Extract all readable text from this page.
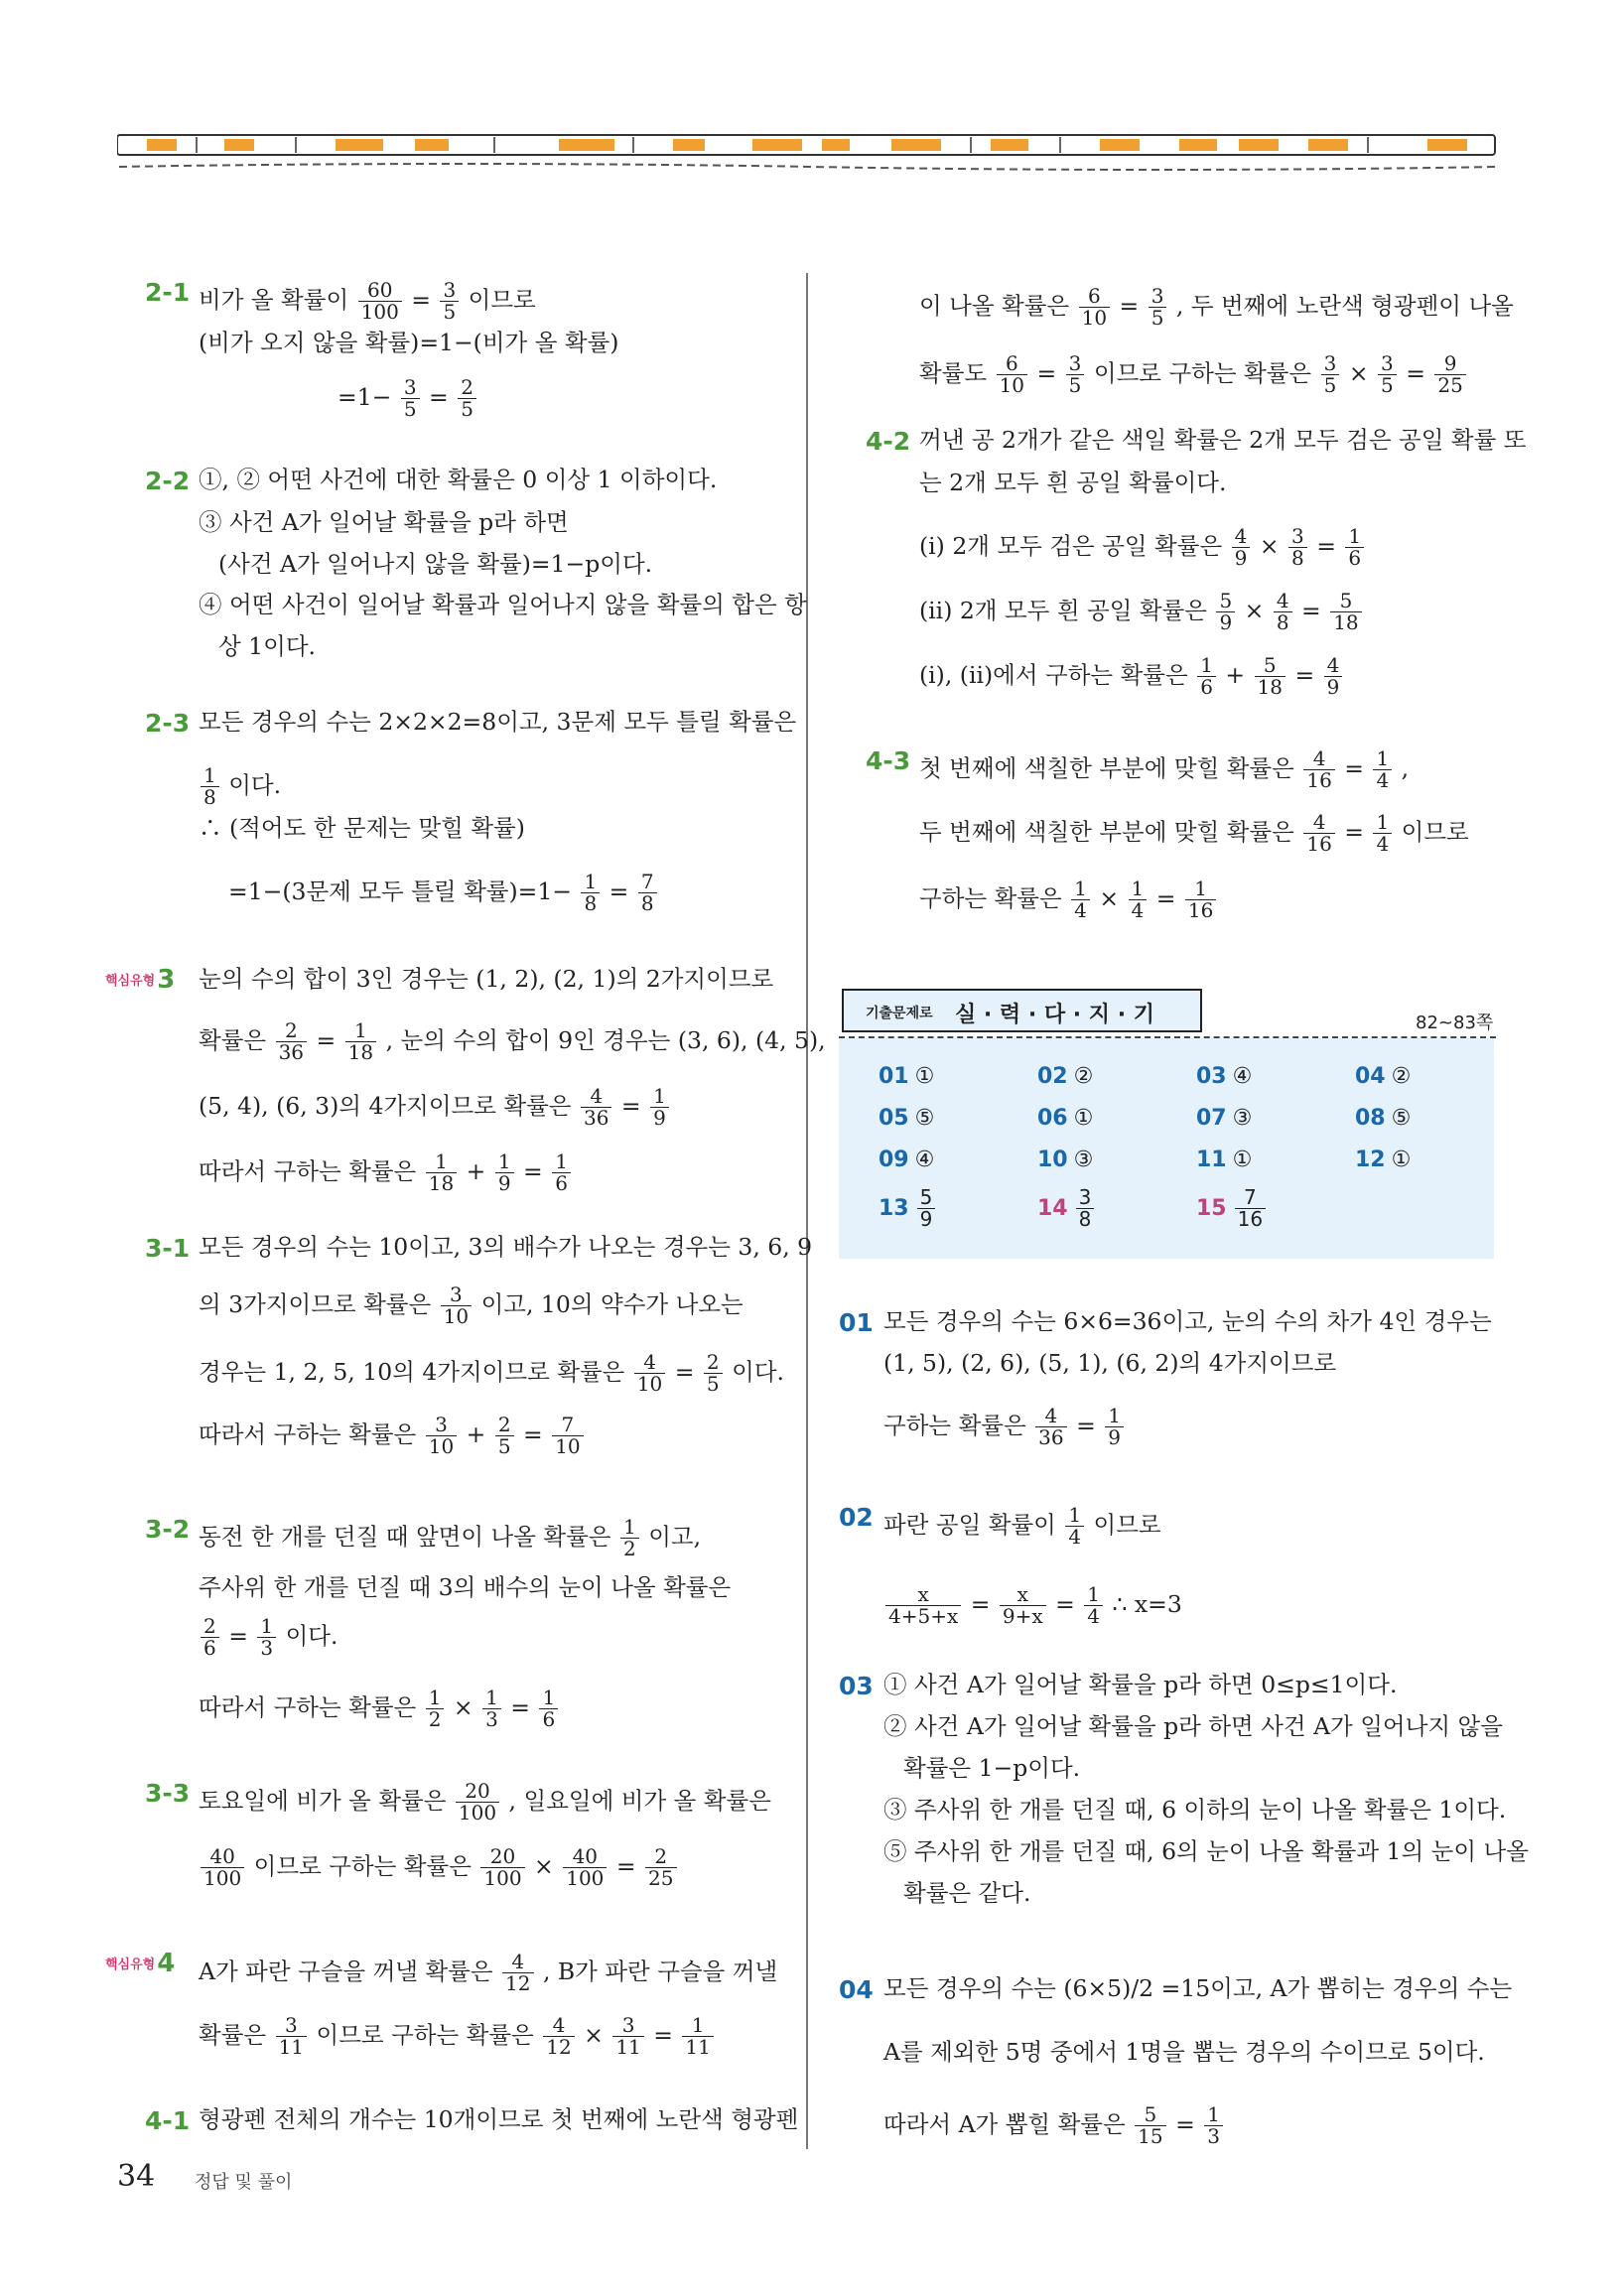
2-1 비가 올 확률이 $\frac{60}{100} = \frac{3}{5}$ 이므로
(비가 오지 않을 확률)=1−(비가 올 확률)
$=1- \frac{3}{5} = \frac{2}{5}$
2-2 ①, ② 어떤 사건에 대한 확률은 0 이상 1 이하이다.
③ 사건 A가 일어날 확률을 p라 하면
(사건 A가 일어나지 않을 확률)=1−p이다.
④ 어떤 사건이 일어날 확률과 일어나지 않을 확률의 합은 항
상 1이다.
2-3 모든 경우의 수는 2×2×2=8이고, 3문제 모두 틀릴 확률은
$\frac{1}{8}$ 이다.
∴ (적어도 한 문제는 맞힐 확률)
=1−(3문제 모두 틀릴 확률)$=1- \frac{1}{8} = \frac{7}{8}$
핵심유형3 눈의 수의 합이 3인 경우는 (1, 2), (2, 1)의 2가지이므로
확률은 $\frac{2}{36} = \frac{1}{18}$ , 눈의 수의 합이 9인 경우는 (3, 6), (4, 5),
(5, 4), (6, 3)의 4가지이므로 확률은 $\frac{4}{36} = \frac{1}{9}$
따라서 구하는 확률은 $\frac{1}{18} + \frac{1}{9} = \frac{1}{6}$
3-1 모든 경우의 수는 10이고, 3의 배수가 나오는 경우는 3, 6, 9
의 3가지이므로 확률은 $\frac{3}{10}$ 이고, 10의 약수가 나오는
경우는 1, 2, 5, 10의 4가지이므로 확률은 $\frac{4}{10} = \frac{2}{5}$ 이다.
따라서 구하는 확률은 $\frac{3}{10} + \frac{2}{5} = \frac{7}{10}$
3-2 동전 한 개를 던질 때 앞면이 나올 확률은 $\frac{1}{2}$ 이고,
주사위 한 개를 던질 때 3의 배수의 눈이 나올 확률은
$\frac{2}{6} = \frac{1}{3}$ 이다.
따라서 구하는 확률은 $\frac{1}{2} \times \frac{1}{3} = \frac{1}{6}$
3-3 토요일에 비가 올 확률은 $\frac{20}{100}$ , 일요일에 비가 올 확률은
$\frac{40}{100}$ 이므로 구하는 확률은 $\frac{20}{100} \times \frac{40}{100} = \frac{2}{25}$
핵심유형4 A가 파란 구슬을 꺼낼 확률은 $\frac{4}{12}$ , B가 파란 구슬을 꺼낼
확률은 $\frac{3}{11}$ 이므로 구하는 확률은 $\frac{4}{12} \times \frac{3}{11} = \frac{1}{11}$
4-1 형광펜 전체의 개수는 10개이므로 첫 번째에 노란색 형광펜
이 나올 확률은 $\frac{6}{10} = \frac{3}{5}$ , 두 번째에 노란색 형광펜이 나올
확률도 $\frac{6}{10} = \frac{3}{5}$ 이므로 구하는 확률은 $\frac{3}{5} \times \frac{3}{5} = \frac{9}{25}$
4-2 꺼낸 공 2개가 같은 색일 확률은 2개 모두 검은 공일 확률 또
는 2개 모두 흰 공일 확률이다.
(i) 2개 모두 검은 공일 확률은 $\frac{4}{9} \times \frac{3}{8} = \frac{1}{6}$
(ii) 2개 모두 흰 공일 확률은 $\frac{5}{9} \times \frac{4}{8} = \frac{5}{18}$
(i), (ii)에서 구하는 확률은 $\frac{1}{6} + \frac{5}{18} = \frac{4}{9}$
4-3 첫 번째에 색칠한 부분에 맞힐 확률은 $\frac{4}{16} = \frac{1}{4}$ ,
두 번째에 색칠한 부분에 맞힐 확률은 $\frac{4}{16} = \frac{1}{4}$ 이므로
구하는 확률은 $\frac{1}{4} \times \frac{1}{4} = \frac{1}{16}$
기출문제로 실 · 력 · 다 · 지 · 기	82~83쪽
01 ①	02 ②	03 ④	04 ②
05 ⑤	06 ①	07 ③	08 ⑤
09 ④	10 ③	11 ①	12 ①
$13 \frac{5}{9}$	$14 \frac{3}{8}$	$15 \frac{7}{16}$
01 모든 경우의 수는 6×6=36이고, 눈의 수의 차가 4인 경우는
(1, 5), (2, 6), (5, 1), (6, 2)의 4가지이므로
구하는 확률은 $\frac{4}{36} = \frac{1}{9}$
02 파란 공일 확률이 $\frac{1}{4}$ 이므로
$\frac{x}{4+5+x} = \frac{x}{9+x} = \frac{1}{4}$ ∴ x=3
03 ① 사건 A가 일어날 확률을 p라 하면 0≤p≤1이다.
② 사건 A가 일어날 확률을 p라 하면 사건 A가 일어나지 않을
확률은 1−p이다.
③ 주사위 한 개를 던질 때, 6 이하의 눈이 나올 확률은 1이다.
⑤ 주사위 한 개를 던질 때, 6의 눈이 나올 확률과 1의 눈이 나올
확률은 같다.
04 모든 경우의 수는 (6×5)/2 =15이고, A가 뽑히는 경우의 수는
A를 제외한 5명 중에서 1명을 뽑는 경우의 수이므로 5이다.
따라서 A가 뽑힐 확률은 $\frac{5}{15} = \frac{1}{3}$
34 정답 및 풀이
